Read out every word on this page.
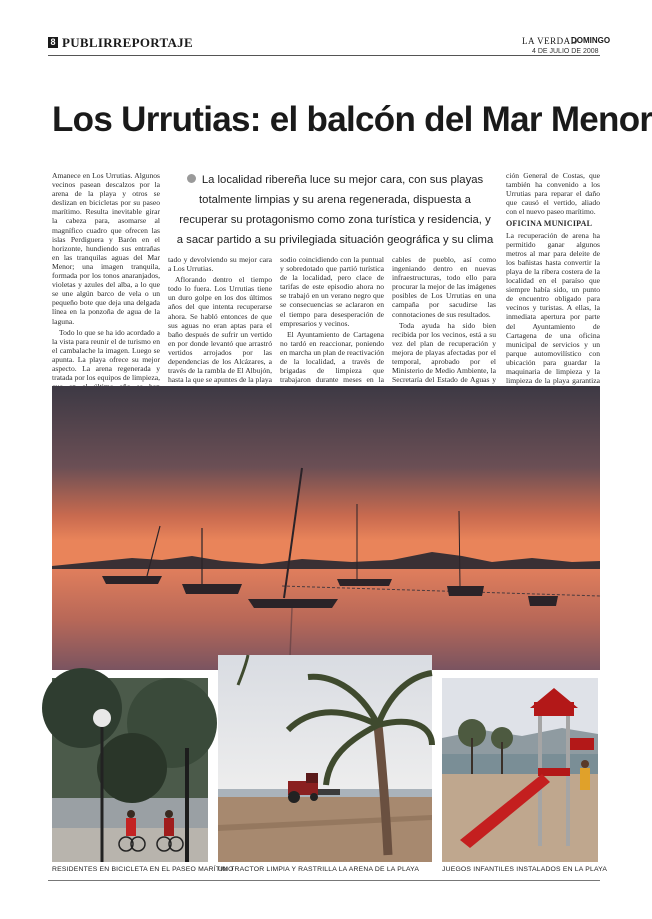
8 PUBLIRREPORTAJE	LA VERDAD
DOMINGO
4 DE JULIO DE 2008
Los Urrutias: el balcón del Mar Menor

Amanece en Los Urrutias. Algunos vecinos pasean descalzos por la arena de la playa y otros se deslizan en bicicletas por su paseo marítimo. Resulta inevitable girar la cabeza para, asomarse al magnífico cuadro que ofrecen las islas Perdiguera y Barón en el horizonte, hundiendo sus entrañas en las tranquilas aguas del Mar Menor; una imagen tranquila, formada por los tonos anaranjados, violetas y azules del alba, a lo que se une algún barco de vela o un pequeño bote que deja una delgada línea en la ponzoña de agua de la laguna.

Todo lo que se ha ido acordado a la vista para reunir el de turismo en el cambalache la imagen. Luego se apunta. La playa ofrece su mejor aspecto. La arena regenerada y tratada por los equipos de limpieza,

tado y devolviendo su mejor cara a Los Urrutias.

Aflorando dentro el tiempo todo lo fuera. Los Urrutias tiene un duro golpe en los dos últimos años del que intenta recuperarse ahora. Se habló entonces de que sus aguas no eran aptas para el baño después de sufrir un vertido en por donde levantó que arrastró vertidos arrojados por las dependencias de los Alcázares, a través de la rambla de El Albujón, hasta la que se apuntes de la playa

sodio coincidiendo con la puntual y sobredotado que partió turística de la localidad, pero clace de tarifas de este episodio ahora no se trabajó en un verano negro que se consecuencias se aclararon en el tiempo para desesperación de empresarios y vecinos.

El Ayuntamiento de Cartagena no tardó en reaccionar, poniendo en marcha un plan de reactivación de la localidad, a través de brigadas de limpieza que trabajaron durante meses en la

cables de pueblo, así como ingeniando dentro en nuevas infraestructuras, todo ello para procurar la mejor de las imágenes posibles de Los Urrutias en una campaña por sacudirse las connotaciones de sus resultados.

Toda ayuda ha sido bien recibida por los vecinos, está a su vez del plan de recuperación y mejora de playas afectadas por el temporal, aprobado por el Ministerio de Medio Ambiente, la Secretaría del Estado de Aguas y

ción General de Costas, que también ha convenido a los Urrutias para reparar el daño que causó el vertido, aliado con el nuevo paseo marítimo.

OFICINA MUNICIPAL

La recuperación de arena ha permitido ganar algunos metros al mar para deleite de los bañistas hasta convertir la playa de la ribera costera de la localidad en el paraíso que siempre había sido, un punto de encuentro obligado para vecinos y turistas. A ellas, la inmediata apertura por parte del Ayuntamiento de Cartagena de una oficina municipal de servicios y un parque automovilístico con ubicación para guardar la maquinaria de limpieza y la limpieza de la playa garantiza

La localidad ribereña luce su mejor cara, con sus playas totalmente limpias y su arena regenerada, dispuesta a recuperar su protagonismo como zona turística y residencia, y a sacar partido a su privilegiada situación geográfica y su clima
RESIDENTES EN BICICLETA EN EL PASEO MARÍTIMO
UN TRACTOR LIMPIA Y RASTRILLA LA ARENA DE LA PLAYA	JUEGOS INFANTILES INSTALADOS EN LA PLAYA
